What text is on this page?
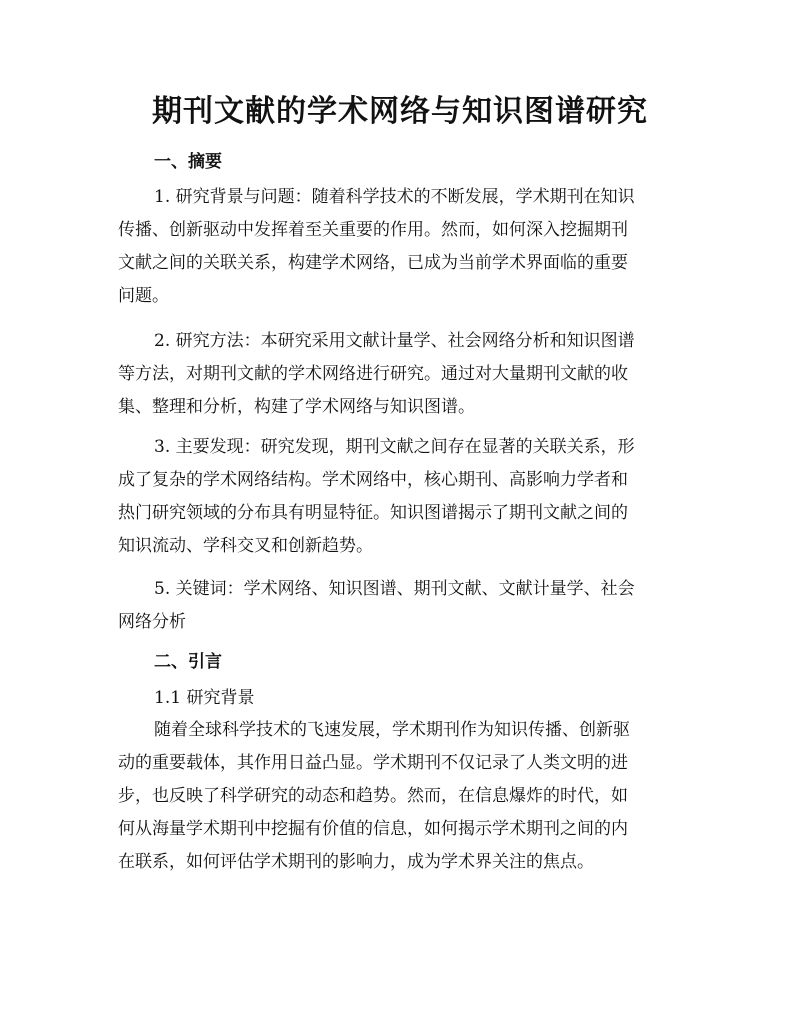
期刊文献的学术网络与知识图谱研究
一、摘要
1. 研究背景与问题：随着科学技术的不断发展，学术期刊在知识
传播、创新驱动中发挥着至关重要的作用。然而，如何深入挖掘期刊
文献之间的关联关系，构建学术网络，已成为当前学术界面临的重要
问题。
2. 研究方法：本研究采用文献计量学、社会网络分析和知识图谱
等方法，对期刊文献的学术网络进行研究。通过对大量期刊文献的收
集、整理和分析，构建了学术网络与知识图谱。
3. 主要发现：研究发现，期刊文献之间存在显著的关联关系，形
成了复杂的学术网络结构。学术网络中，核心期刊、高影响力学者和
热门研究领域的分布具有明显特征。知识图谱揭示了期刊文献之间的
知识流动、学科交叉和创新趋势。
5. 关键词：学术网络、知识图谱、期刊文献、文献计量学、社会
网络分析
二、引言
1.1 研究背景
随着全球科学技术的飞速发展，学术期刊作为知识传播、创新驱
动的重要载体，其作用日益凸显。学术期刊不仅记录了人类文明的进
步，也反映了科学研究的动态和趋势。然而，在信息爆炸的时代，如
何从海量学术期刊中挖掘有价值的信息，如何揭示学术期刊之间的内
在联系，如何评估学术期刊的影响力，成为学术界关注的焦点。
